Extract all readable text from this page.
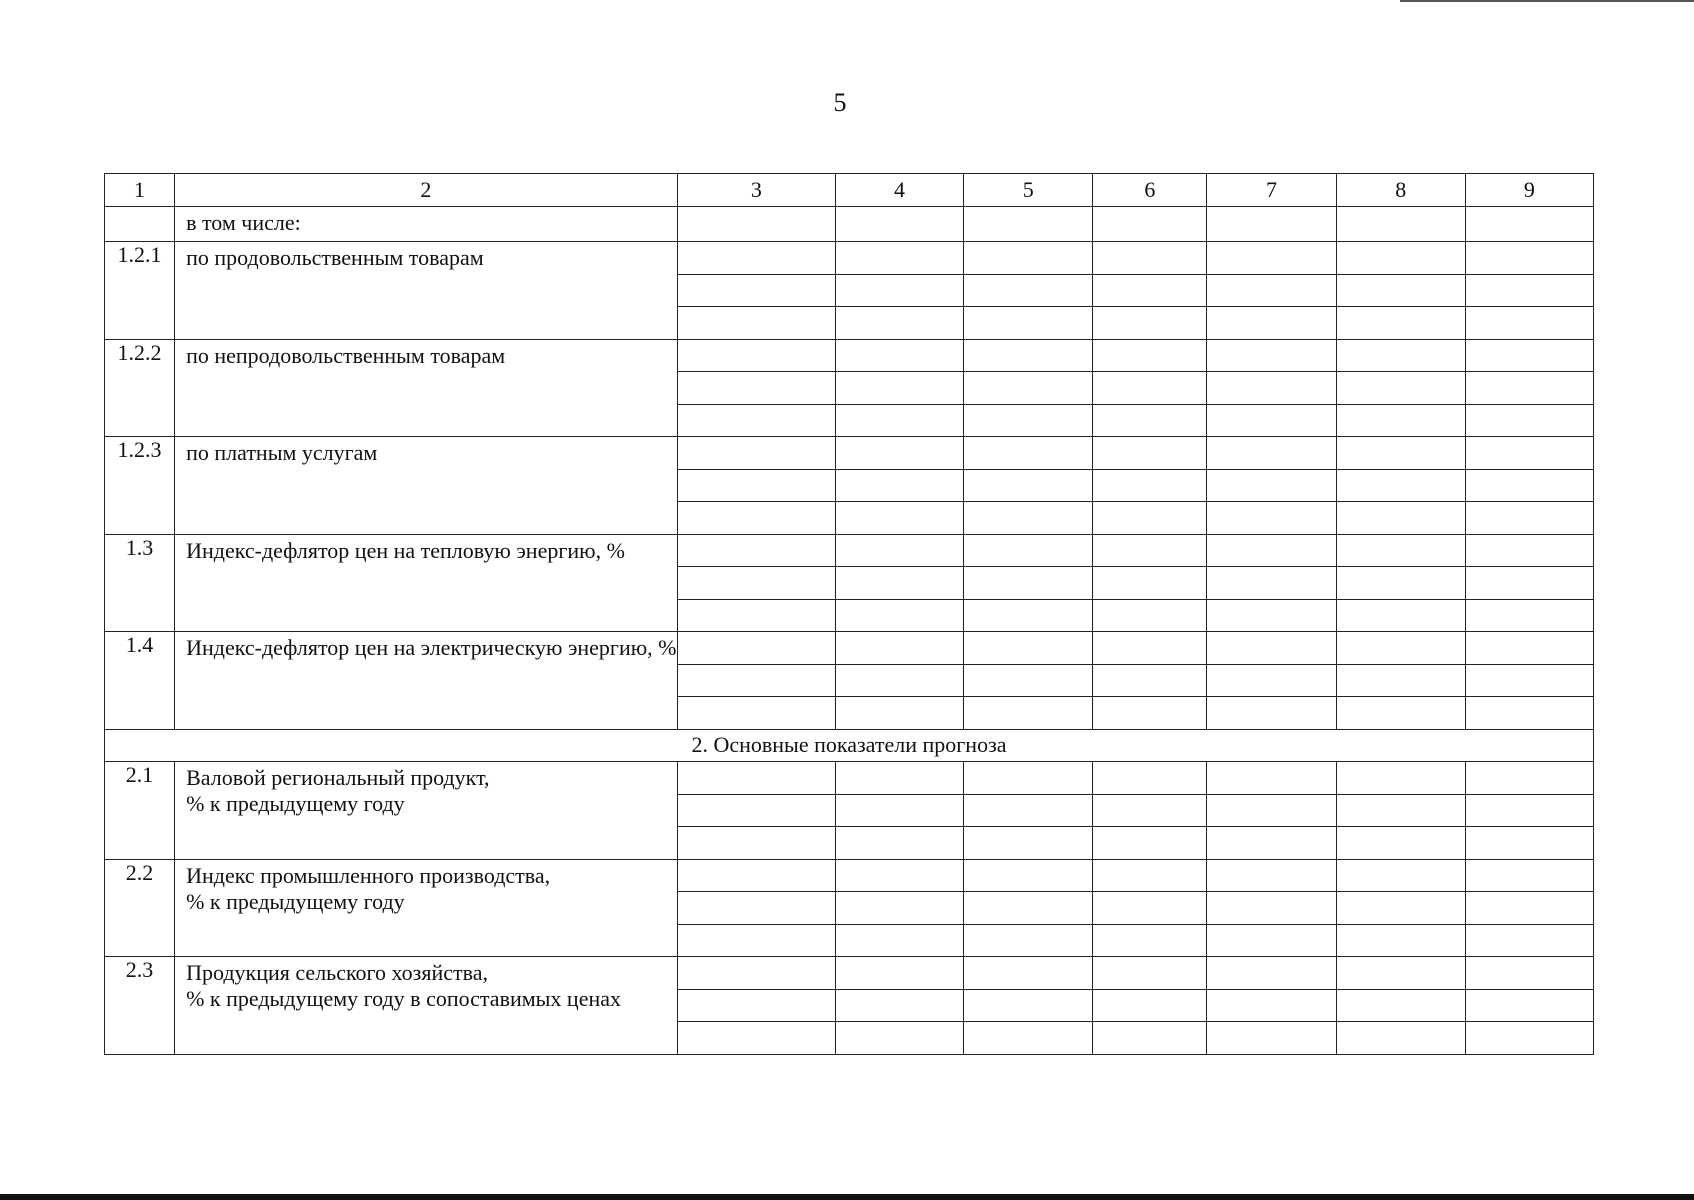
5
1	2	3	4	5	6	7	8	9
	в том числе:							
1.2.1	по продовольственным товарам							

1.2.2	по непродовольственным товарам							

1.2.3	по платным услугам							

1.3	Индекс-дефлятор цен на тепловую энергию, %							

1.4	Индекс-дефлятор цен на электрическую энергию, %							

2. Основные показатели прогноза								
2.1	Валовой региональный продукт,
% к предыдущему году							

2.2	Индекс промышленного производства,
% к предыдущему году							

2.3	Продукция сельского хозяйства,
% к предыдущему году в сопоставимых ценах							
